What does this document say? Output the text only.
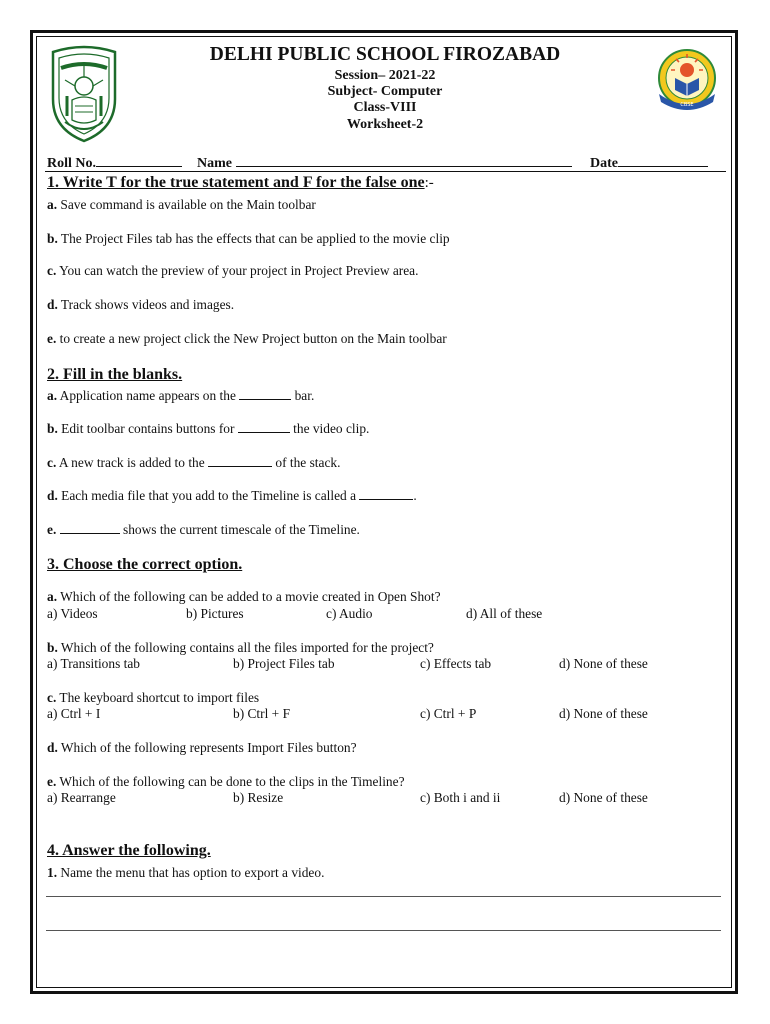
CBSE
DELHI PUBLIC SCHOOL FIROZABAD
Session– 2021-22
Subject- Computer
Class-VIII
Worksheet-2
Roll No.	Name	Date
1. Write T for the true statement and F for the false one:-
a. Save command is available on the Main toolbar
b. The Project Files tab has the effects that can be applied to the movie clip
c. You can watch the preview of your project in Project Preview area.
d. Track shows videos and images.
e. to create a new project click the New Project button on the Main toolbar
2. Fill in the blanks.
a. Application name appears on the	bar.
b. Edit toolbar contains buttons for	the video clip.
c. A new track is added to the	of the stack.
d. Each media file that you add to the Timeline is called a	.
e.	shows the current timescale of the Timeline.
3. Choose the correct option.
a. Which of the following can be added to a movie created in Open Shot?
a) Videos	b) Pictures	c) Audio	d) All of these
b. Which of the following contains all the files imported for the project?
a) Transitions tab	b) Project Files tab	c) Effects tab	d) None of these
c. The keyboard shortcut to import files
a) Ctrl + I	b) Ctrl + F	c) Ctrl + P	d) None of these
d. Which of the following represents Import Files button?
e. Which of the following can be done to the clips in the Timeline?
a) Rearrange	b) Resize	c) Both i and ii	d) None of these
4. Answer the following.
1. Name the menu that has option to export a video.
